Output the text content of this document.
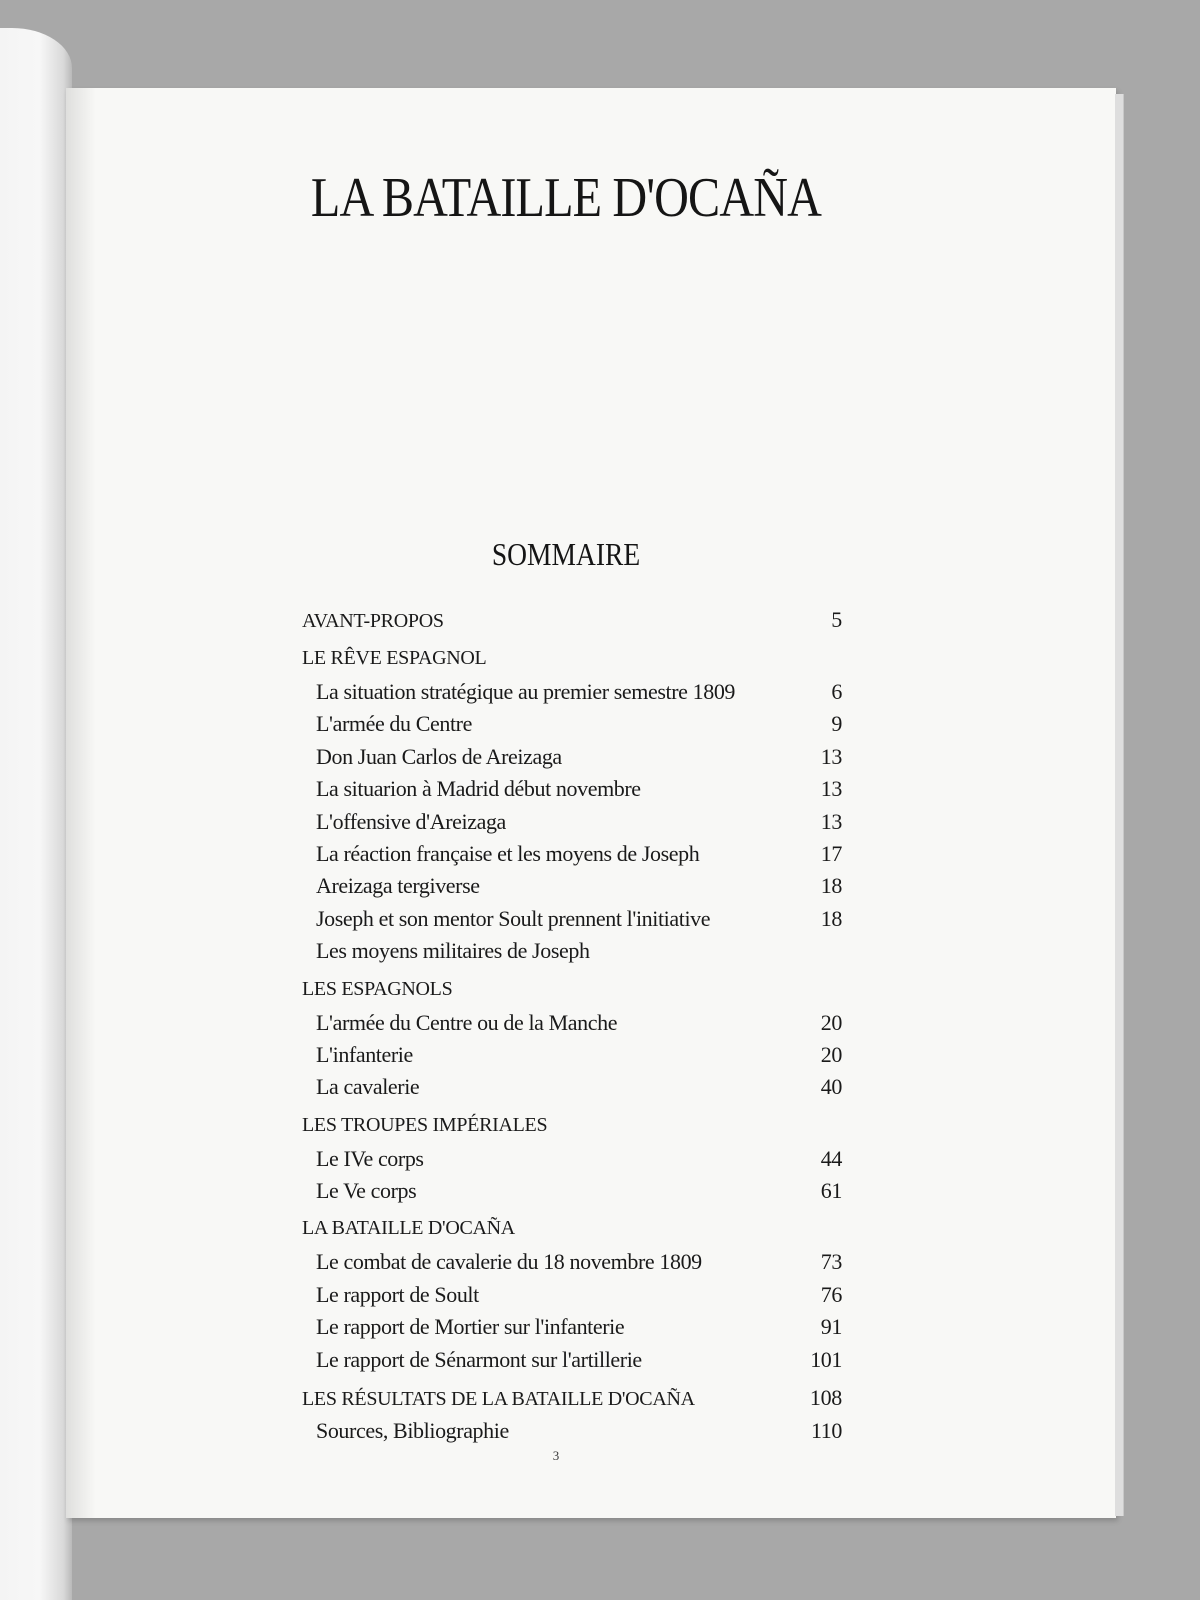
LA BATAILLE D'OCAÑA
SOMMAIRE
AVANT-PROPOS	5
LE RÊVE ESPAGNOL
La situation stratégique au premier semestre 1809	6
L'armée du Centre	9
Don Juan Carlos de Areizaga	13
La situarion à Madrid début novembre	13
L'offensive d'Areizaga	13
La réaction française et les moyens de Joseph	17
Areizaga tergiverse	18
Joseph et son mentor Soult prennent l'initiative	18
Les moyens militaires de Joseph
LES ESPAGNOLS
L'armée du Centre ou de la Manche	20
L'infanterie	20
La cavalerie	40
LES TROUPES IMPÉRIALES
Le IVe corps	44
Le Ve corps	61
LA BATAILLE D'OCAÑA
Le combat de cavalerie du 18 novembre 1809	73
Le rapport de Soult	76
Le rapport de Mortier sur l'infanterie	91
Le rapport de Sénarmont sur l'artillerie	101
LES RÉSULTATS DE LA BATAILLE D'OCAÑA	108
Sources, Bibliographie	110
3
